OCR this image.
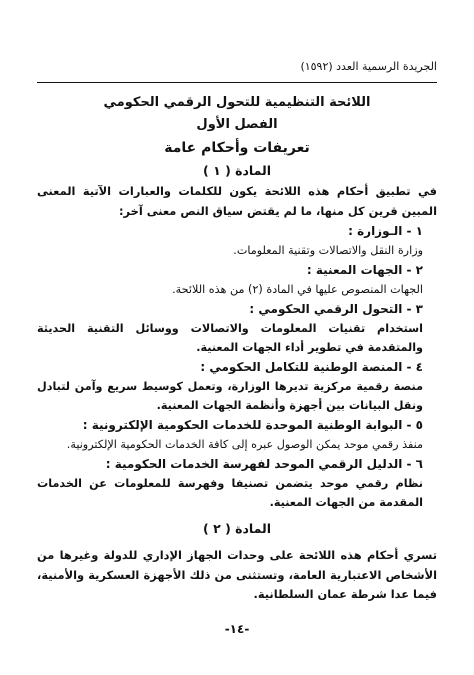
الجريدة الرسمية العدد (١٥٩٢)
اللائحة التنظيمية للتحول الرقمي الحكومي
الفصل الأول
تعريفات وأحكام عامة
المادة ( ١ )

في تطبيق أحكام هذه اللائحة يكون للكلمات والعبارات الآتية المعنى المبين قرين كل منها، ما لم يقتض سياق النص معنى آخر:

١ - الـوزارة :
وزارة النقل والاتصالات وتقنية المعلومات.
٢ - الجهات المعنية :
الجهات المنصوص عليها في المادة (٢) من هذه اللائحة.
٣ - التحول الرقمي الحكومي :
استخدام تقنيات المعلومات والاتصالات ووسائل التقنية الحديثة والمتقدمة في تطوير أداء الجهات المعنية.
٤ - المنصة الوطنية للتكامل الحكومي :
منصة رقمية مركزية تديرها الوزارة، وتعمل كوسيط سريع وآمن لتبادل ونقل البيانات بين أجهزة وأنظمة الجهات المعنية.
٥ - البوابة الوطنية الموحدة للخدمات الحكومية الإلكترونية :
منفذ رقمي موحد يمكن الوصول عبره إلى كافة الخدمات الحكومية الإلكترونية.
٦ - الدليل الرقمي الموحد لفهرسة الخدمات الحكومية :
نظام رقمي موحد يتضمن تصنيفا وفهرسة للمعلومات عن الخدمات المقدمة من الجهات المعنية.
المادة ( ٢ )

تسري أحكام هذه اللائحة على وحدات الجهاز الإداري للدولة وغيرها من الأشخاص الاعتبارية العامة، وتستثنى من ذلك الأجهزة العسكرية والأمنية، فيما عدا شرطة عمان السلطانية.

-١٤-
